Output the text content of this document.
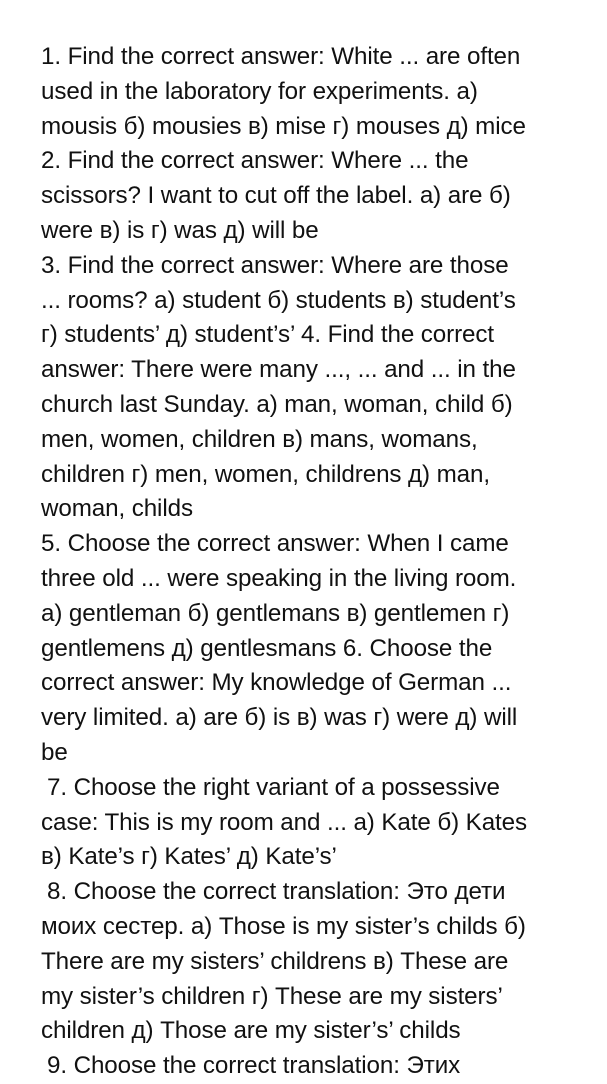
1. Find the correct answer: White ... are often
used in the laboratory for experiments. а)
mousis б) mousies в) mise г) mouses д) mice
2. Find the correct answer: Where ... the
scissors? I want to cut off the label. а) are б)
were в) is г) was д) will be
3. Find the correct answer: Where are those
... rooms? а) student б) students в) student’s
г) students’ д) student’s’ 4. Find the correct
answer: There were many ..., ... and ... in the
church last Sunday. а) man, woman, child б)
men, women, children в) mans, womans,
children г) men, women, childrens д) man,
woman, childs
5. Choose the correct answer: When I came
three old ... were speaking in the living room.
а) gentleman б) gentlemans в) gentlemen г)
gentlemens д) gentlesmans 6. Choose the
correct answer: My knowledge of German ...
very limited. а) are б) is в) was г) were д) will
be
7. Choose the right variant of a possessive
case: This is my room and ... а) Kate б) Kates
в) Kate’s г) Kates’ д) Kate’s’
8. Choose the correct translation: Это дети
моих сестер. а) Those is my sister’s childs б)
There are my sisters’ childrens в) These are
my sister’s children г) These are my sisters’
children д) Those are my sister’s’ childs
9. Choose the correct translation: Этих
